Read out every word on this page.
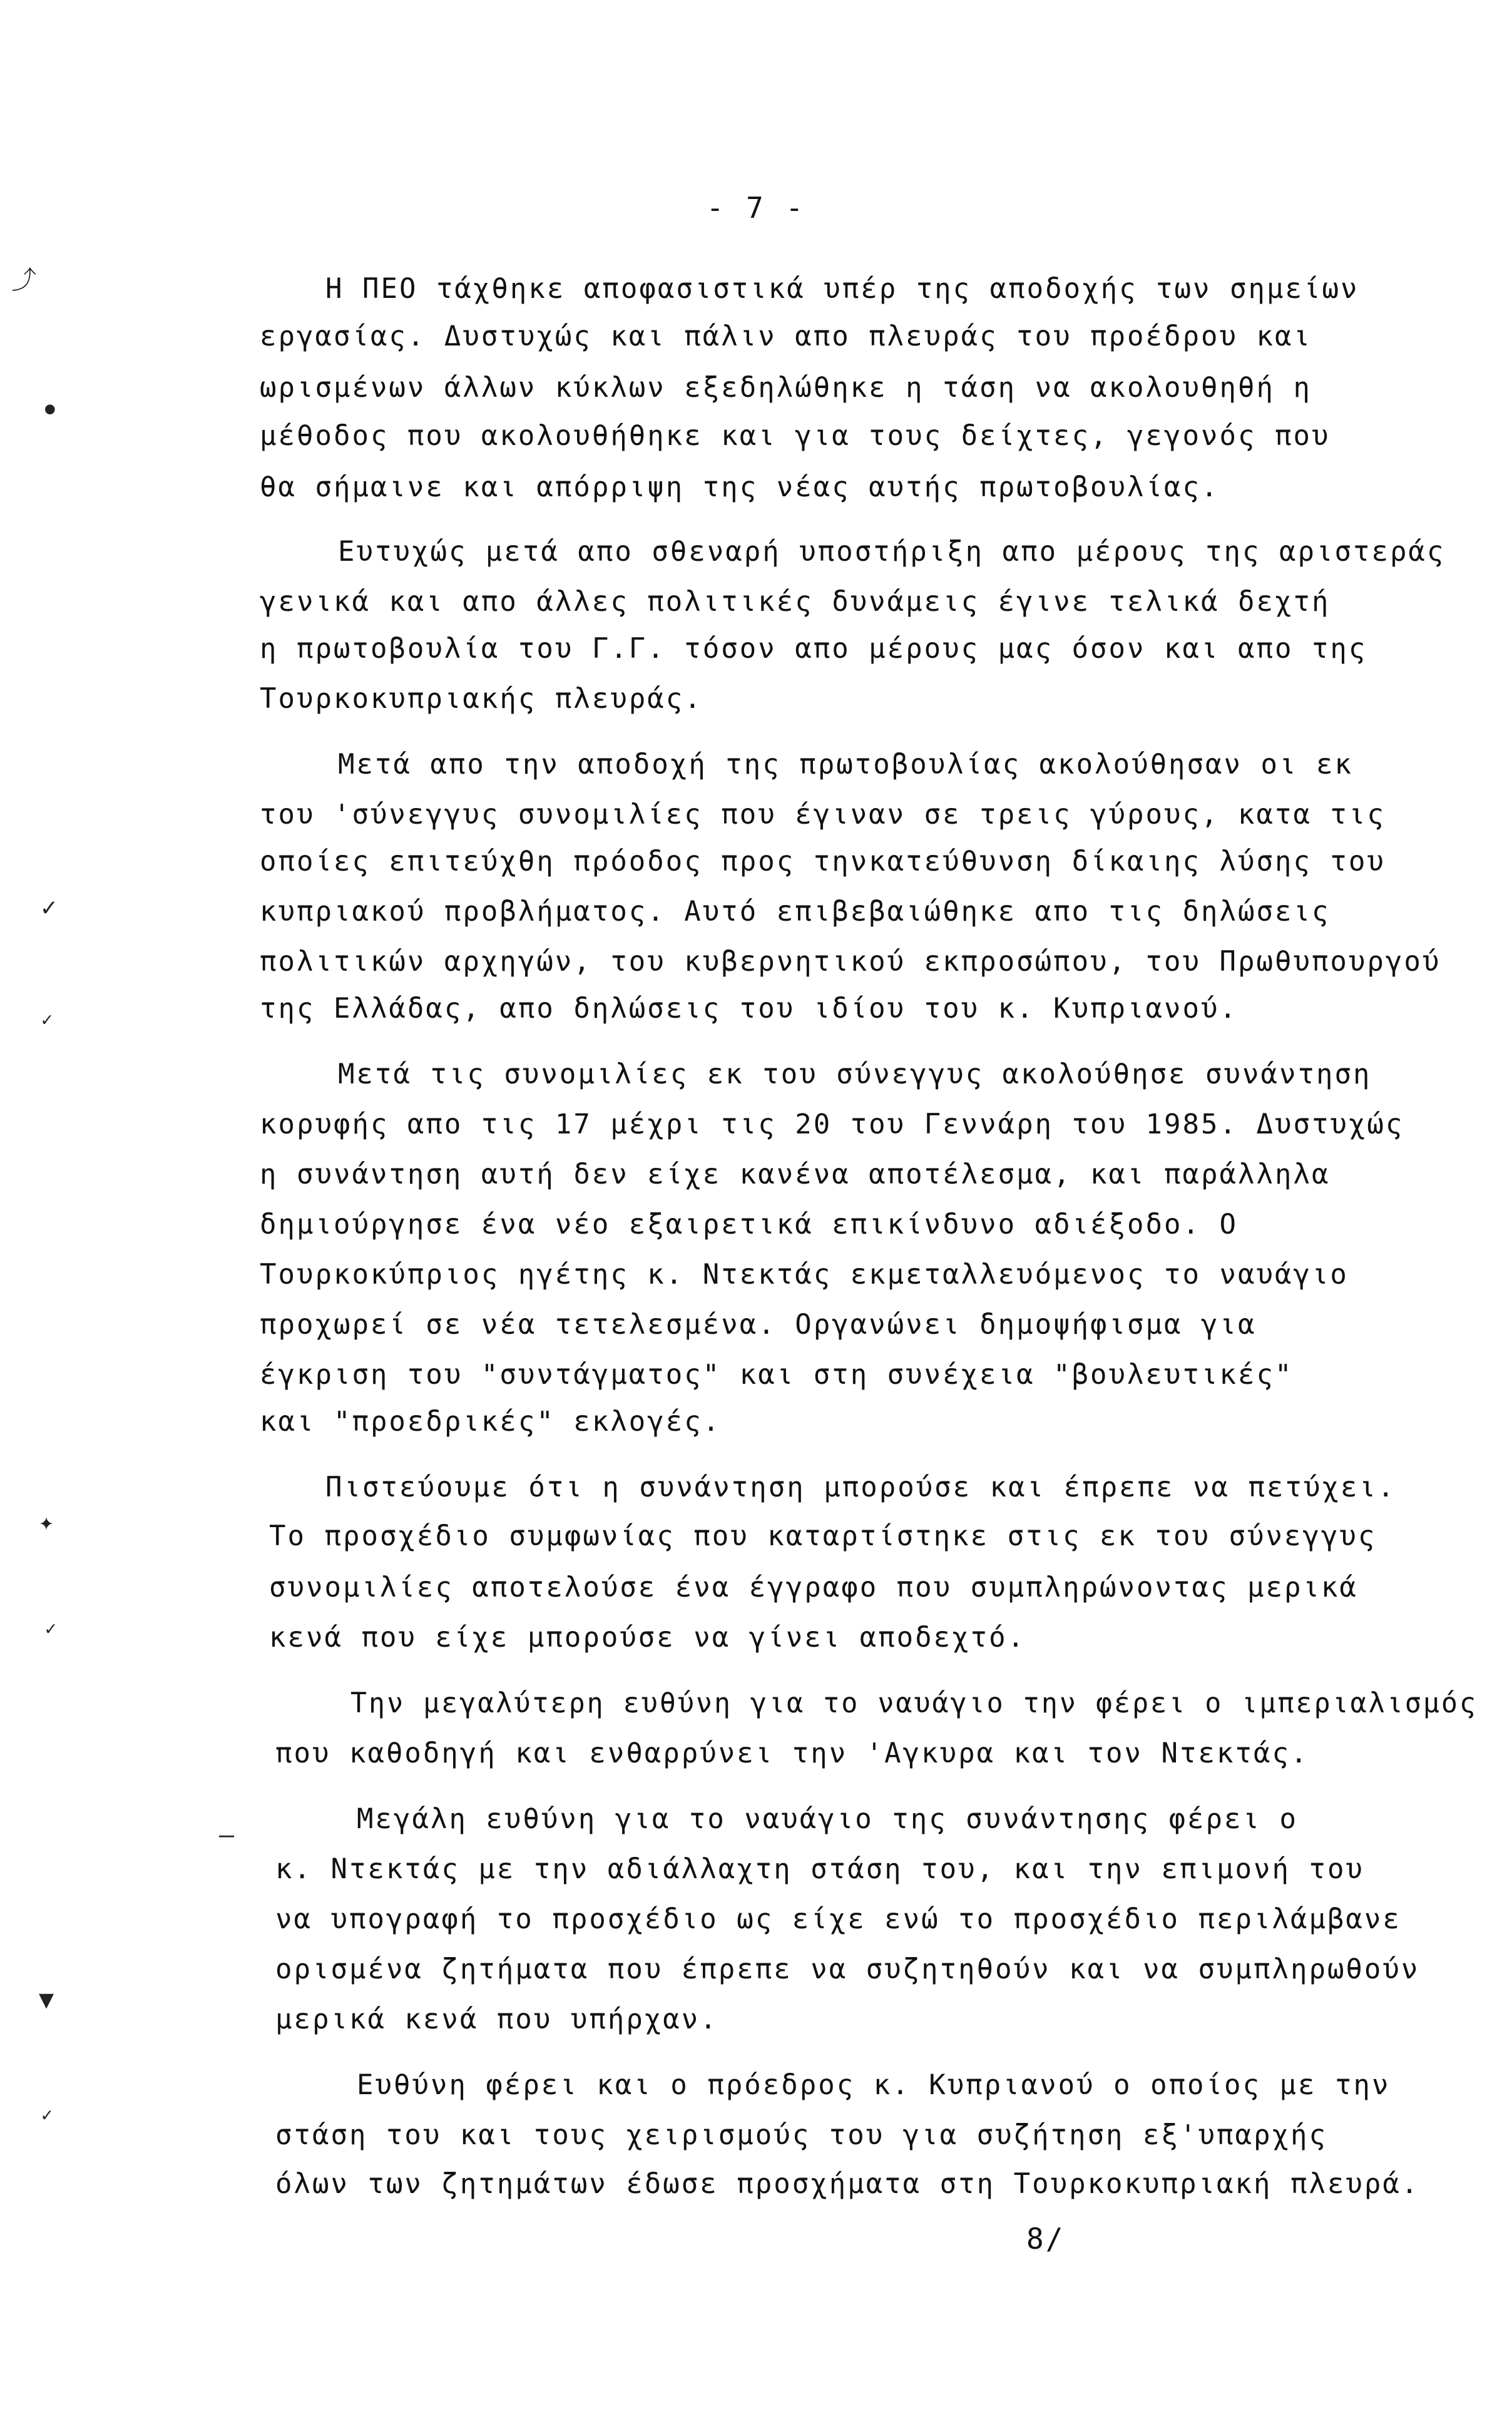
- 7 -
⤴
●
✓
✓
✦
✓
—
▼
✓
Η ΠΕΟ τάχθηκε αποφασιστικά υπέρ της αποδοχής των σημείων
εργασίας. Δυστυχώς και πάλιν απο πλευράς του προέδρου και
ωρισμένων άλλων κύκλων εξεδηλώθηκε η τάση να ακολουθηθή η
μέθοδος που ακολουθήθηκε και για τους δείχτες, γεγονός που
θα σήμαινε και απόρριψη της νέας αυτής πρωτοβουλίας.
Ευτυχώς μετά απο σθεναρή υποστήριξη απο μέρους της αριστεράς
γενικά και απο άλλες πολιτικές δυνάμεις έγινε τελικά δεχτή
η πρωτοβουλία του Γ.Γ. τόσον απο μέρους μας όσον και απο της
Τουρκοκυπριακής πλευράς.
Μετά απο την αποδοχή της πρωτοβουλίας ακολούθησαν οι εκ
του 'σύνεγγυς συνομιλίες που έγιναν σε τρεις γύρους, κατα τις
οποίες επιτεύχθη πρόοδος προς τηνκατεύθυνση δίκαιης λύσης του
κυπριακού προβλήματος. Αυτό επιβεβαιώθηκε απο τις δηλώσεις
πολιτικών αρχηγών, του κυβερνητικού εκπροσώπου, του Πρωθυπουργού
της Ελλάδας, απο δηλώσεις του ιδίου του κ. Κυπριανού.
Μετά τις συνομιλίες εκ του σύνεγγυς ακολούθησε συνάντηση
κορυφής απο τις 17 μέχρι τις 20 του Γεννάρη του 1985. Δυστυχώς
η συνάντηση αυτή δεν είχε κανένα αποτέλεσμα, και παράλληλα
δημιούργησε ένα νέο εξαιρετικά επικίνδυνο αδιέξοδο. Ο
Τουρκοκύπριος ηγέτης κ. Ντεκτάς εκμεταλλευόμενος το ναυάγιο
προχωρεί σε νέα τετελεσμένα. Οργανώνει δημοψήφισμα για
έγκριση του "συντάγματος" και στη συνέχεια "βουλευτικές"
και "προεδρικές" εκλογές.
Πιστεύουμε ότι η συνάντηση μπορούσε και έπρεπε να πετύχει.
Το προσχέδιο συμφωνίας που καταρτίστηκε στις εκ του σύνεγγυς
συνομιλίες αποτελούσε ένα έγγραφο που συμπληρώνοντας μερικά
κενά που είχε μπορούσε να γίνει αποδεχτό.
Την μεγαλύτερη ευθύνη για το ναυάγιο την φέρει ο ιμπεριαλισμός
που καθοδηγή και ενθαρρύνει την 'Αγκυρα και τον Ντεκτάς.
Μεγάλη ευθύνη για το ναυάγιο της συνάντησης φέρει ο
κ. Ντεκτάς με την αδιάλλαχτη στάση του, και την επιμονή του
να υπογραφή το προσχέδιο ως είχε ενώ το προσχέδιο περιλάμβανε
ορισμένα ζητήματα που έπρεπε να συζητηθούν και να συμπληρωθούν
μερικά κενά που υπήρχαν.
Ευθύνη φέρει και ο πρόεδρος κ. Κυπριανού ο οποίος με την
στάση του και τους χειρισμούς του για συζήτηση εξ'υπαρχής
όλων των ζητημάτων έδωσε προσχήματα στη Τουρκοκυπριακή πλευρά.
8/
